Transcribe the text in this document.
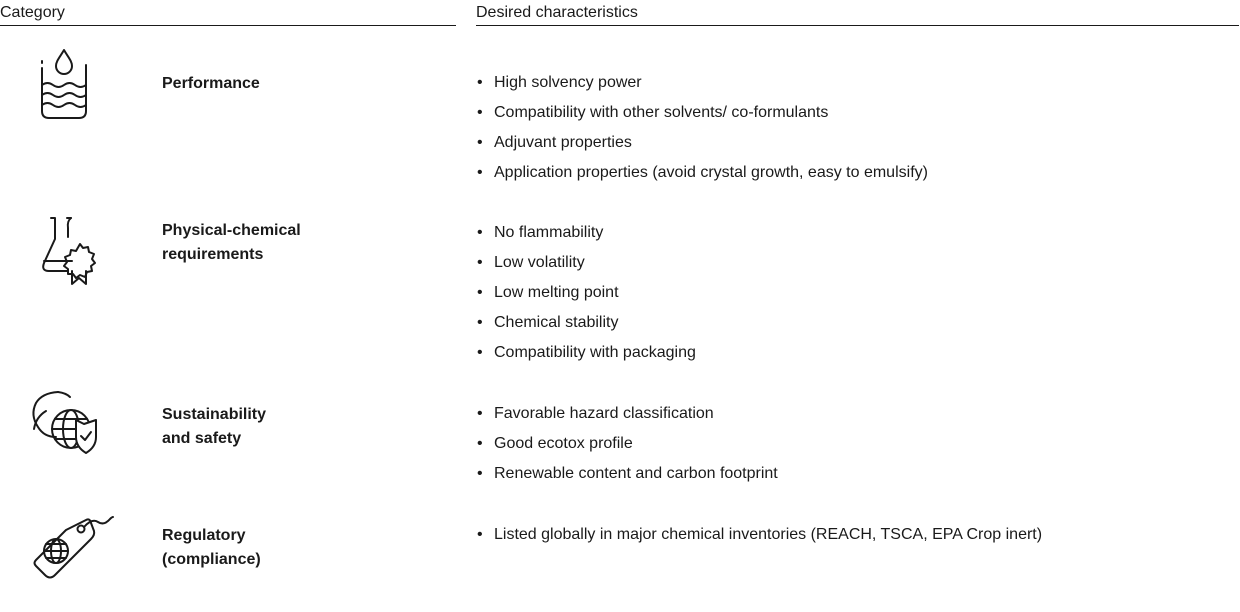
Category	Desired characteristics
Performance
•	High solvency power
• Compatibility with other solvents/ co-formulants
• Adjuvant properties
• Application properties (avoid crystal growth, easy to emulsify)
Physical-chemical
requirements
• No flammability
• Low volatility
• Low melting point
• Chemical stability
• Compatibility with packaging
Sustainability
and safety
• Favorable hazard classification
• Good ecotox profile
• Renewable content and carbon footprint
Regulatory
(compliance)
• Listed globally in major chemical inventories (REACH, TSCA, EPA Crop inert)
